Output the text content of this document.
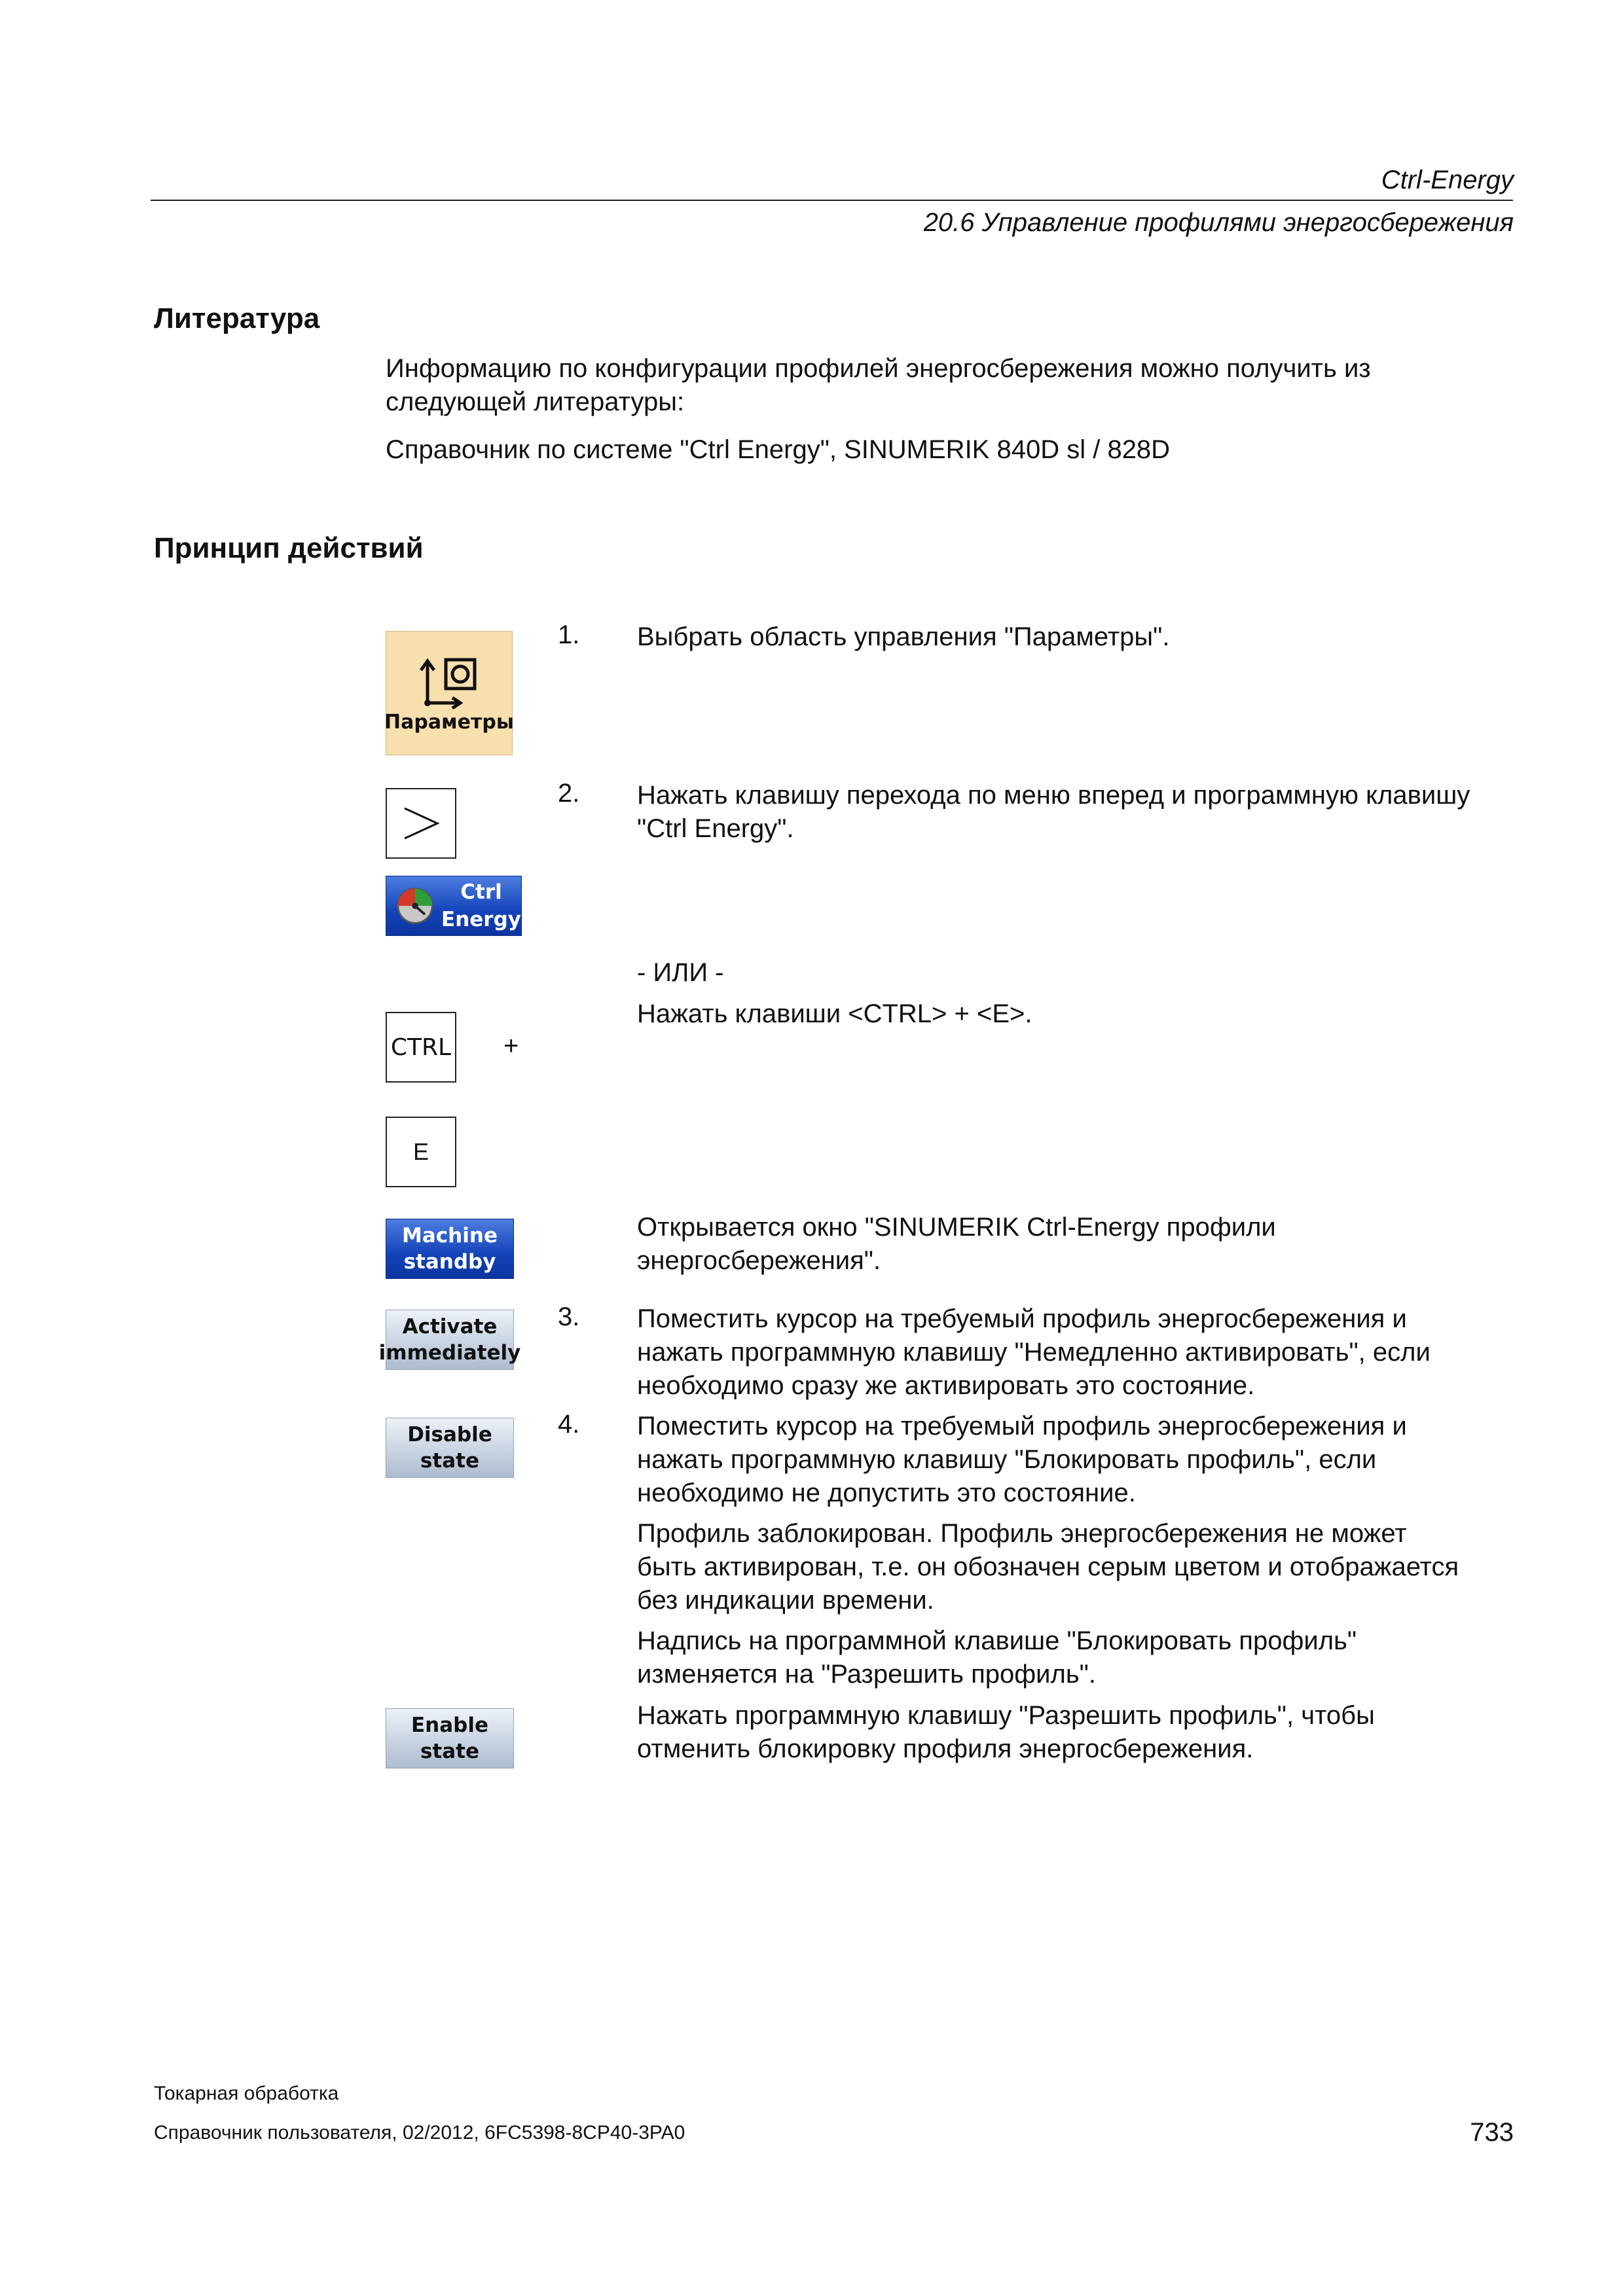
Ctrl-Energy
20.6 Управление профилями энергосбережения
Литература
Информацию по конфигурации профилей энергосбережения можно получить из
следующей литературы:
Справочник по системе "Ctrl Energy", SINUMERIK 840D sl / 828D
Принцип действий
Параметры
1. Выбрать область управления "Параметры".
2. Нажать клавишу перехода по меню вперед и программную клавишу
"Ctrl Energy".
Ctrl
Energy
- ИЛИ -
Нажать клавиши <CTRL> + <E>.
CTRL +
E
Machine
standby
Открывается окно "SINUMERIK Ctrl-Energy профили
энергосбережения".
Activate
immediately
3. Поместить курсор на требуемый профиль энергосбережения и
нажать программную клавишу "Немедленно активировать", если
необходимо сразу же активировать это состояние.
Disable
state
4. Поместить курсор на требуемый профиль энергосбережения и
нажать программную клавишу "Блокировать профиль", если
необходимо не допустить это состояние.
Профиль заблокирован. Профиль энергосбережения не может
быть активирован, т.е. он обозначен серым цветом и отображается
без индикации времени.
Надпись на программной клавише "Блокировать профиль"
изменяется на "Разрешить профиль".
Enable
state
Нажать программную клавишу "Разрешить профиль", чтобы
отменить блокировку профиля энергосбережения.
Токарная обработка
Справочник пользователя, 02/2012, 6FC5398-8CP40-3PA0	733
